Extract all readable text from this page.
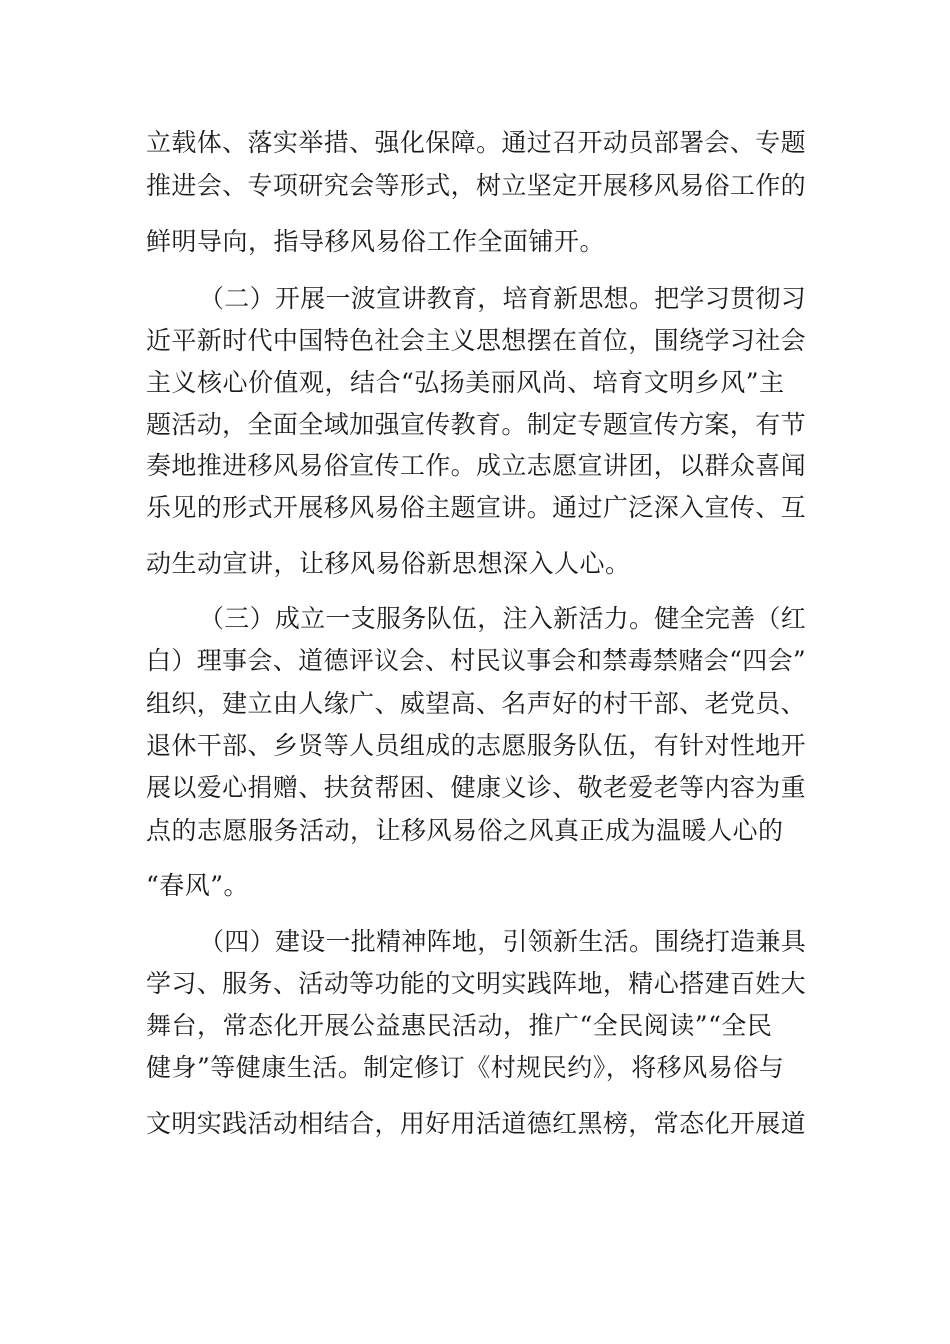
立载体、落实举措、强化保障。通过召开动员部署会、专题
推进会、专项研究会等形式，树立坚定开展移风易俗工作的
鲜明导向，指导移风易俗工作全面铺开。
（二）开展一波宣讲教育，培育新思想。把学习贯彻习
近平新时代中国特色社会主义思想摆在首位，围绕学习社会
主义核心价值观，结合“弘扬美丽风尚、培育文明乡风”主
题活动，全面全域加强宣传教育。制定专题宣传方案，有节
奏地推进移风易俗宣传工作。成立志愿宣讲团，以群众喜闻
乐见的形式开展移风易俗主题宣讲。通过广泛深入宣传、互
动生动宣讲，让移风易俗新思想深入人心。
（三）成立一支服务队伍，注入新活力。健全完善（红
白）理事会、道德评议会、村民议事会和禁毒禁赌会“四会”
组织，建立由人缘广、威望高、名声好的村干部、老党员、
退休干部、乡贤等人员组成的志愿服务队伍，有针对性地开
展以爱心捐赠、扶贫帮困、健康义诊、敬老爱老等内容为重
点的志愿服务活动，让移风易俗之风真正成为温暖人心的
“春风”。
（四）建设一批精神阵地，引领新生活。围绕打造兼具
学习、服务、活动等功能的文明实践阵地，精心搭建百姓大
舞台，常态化开展公益惠民活动，推广“全民阅读”“全民
健身”等健康生活。制定修订《村规民约》，将移风易俗与
文明实践活动相结合，用好用活道德红黑榜，常态化开展道
